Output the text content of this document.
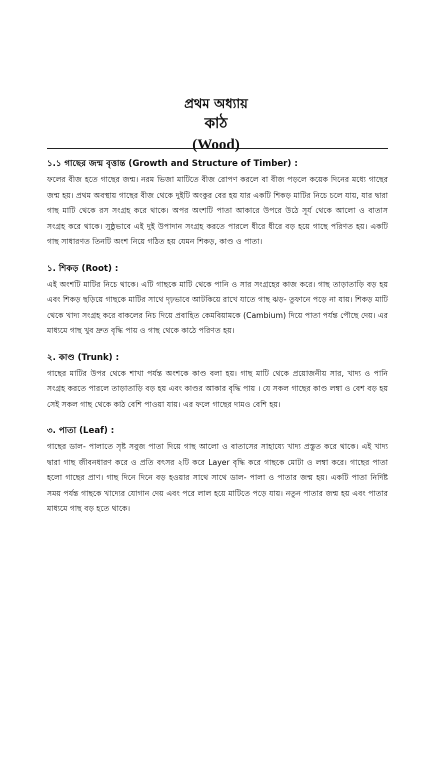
প্রথম অধ্যায়

কাঠ

(Wood)

১.১ গাছের জন্ম বৃত্তান্ত (Growth and Structure of Timber) :

ফলের বীজ হতে গাছের জন্ম। নরম ভিজা মাটিতে বীজ রোপণ করলে বা বীজ পড়লে কয়েক দিনের মধ্যে গাছের জন্ম হয়। প্রথম অবস্থায় গাছের বীজ থেকে দুইটি অংকুর বের হয় যার একটি শিকড় মাটির নিচে চলে যায়, যার দ্বারা গাছ মাটি থেকে রস সংগ্রহ করে থাকে। অপর অংশটি পাতা আকারে উপরে উঠে সূর্য থেকে আলো ও বাতাস সংগ্রহ করে থাকে। সুষ্ঠুভাবে এই দুই উপাদান সংগ্রহ করতে পারলে ধীরে ধীরে বড় হয়ে গাছে পরিণত হয়। একটি গাছ সাধারণত তিনটি অংশ নিয়ে গঠিত হয় যেমন শিকড়, কাণ্ড ও পাতা।

১. শিকড় (Root) :

এই অংশটি মাটির নিচে থাকে। এটি গাছকে মাটি থেকে পানি ও সার সংগ্রহের কাজ করে। গাছ তাড়াতাড়ি বড় হয় এবং শিকড় ছড়িয়ে গাছকে মাটির সাথে দৃঢ়ভাবে আটকিয়ে রাখে যাতে গাছ ঝড়- তুফানে পড়ে না যায়। শিকড় মাটি থেকে খাদ্য সংগ্রহ করে বাকলের নিচ দিয়ে প্রবাহিত কেমবিয়ামকে (Cambium) দিয়ে পাতা পর্যন্ত পৌছে দেয়। এর মাধ্যমে গাছ খুব দ্রুত বৃদ্ধি পায় ও গাছ থেকে কাঠে পরিণত হয়।

২. কাণ্ড (Trunk) :

গাছের মাটির উপর থেকে শাখা পর্যন্ত অংশকে কাণ্ড বলা হয়। গাছ মাটি থেকে প্রয়োজনীয় সার, খাদ্য ও পানি সংগ্রহ করতে পারলে তাড়াতাড়ি বড় হয় এবং কাণ্ডর আকার বৃদ্ধি পায় । যে সকল গাছের কাণ্ড লম্বা ও বেশ বড় হয় সেই সকল গাছ থেকে কাঠ বেশি পাওয়া যায়। এর ফলে গাছের দামও বেশি হয়।

৩. পাতা (Leaf) :

গাছের ডাল- পালাতে সৃষ্ট সবুজ পাতা দিয়ে গাছ আলো ও বাতাসের সাহায্যে খাদ্য প্রস্তুত করে থাকে। এই খাদ্য দ্বারা গাছ জীবনধারণ করে ও প্রতি বৎসর ২টি করে Layer বৃদ্ধি করে গাছকে মোটা ও লম্বা করে। গাছের পাতা হলো গাছের প্রাণ। গাছ দিনে দিনে বড় হওয়ার সাথে সাথে ডাল- পালা ও পাতার জন্ম হয়। একটি পাতা নির্দিষ্ট সময় পর্যন্ত গাছকে খাদ্যের যোগান দেয় এবং পরে লাল হয়ে মাটিতে পড়ে যায়। নতুন পাতার জন্ম হয় এবং পাতার মাধ্যমে গাছ বড় হতে থাকে।
